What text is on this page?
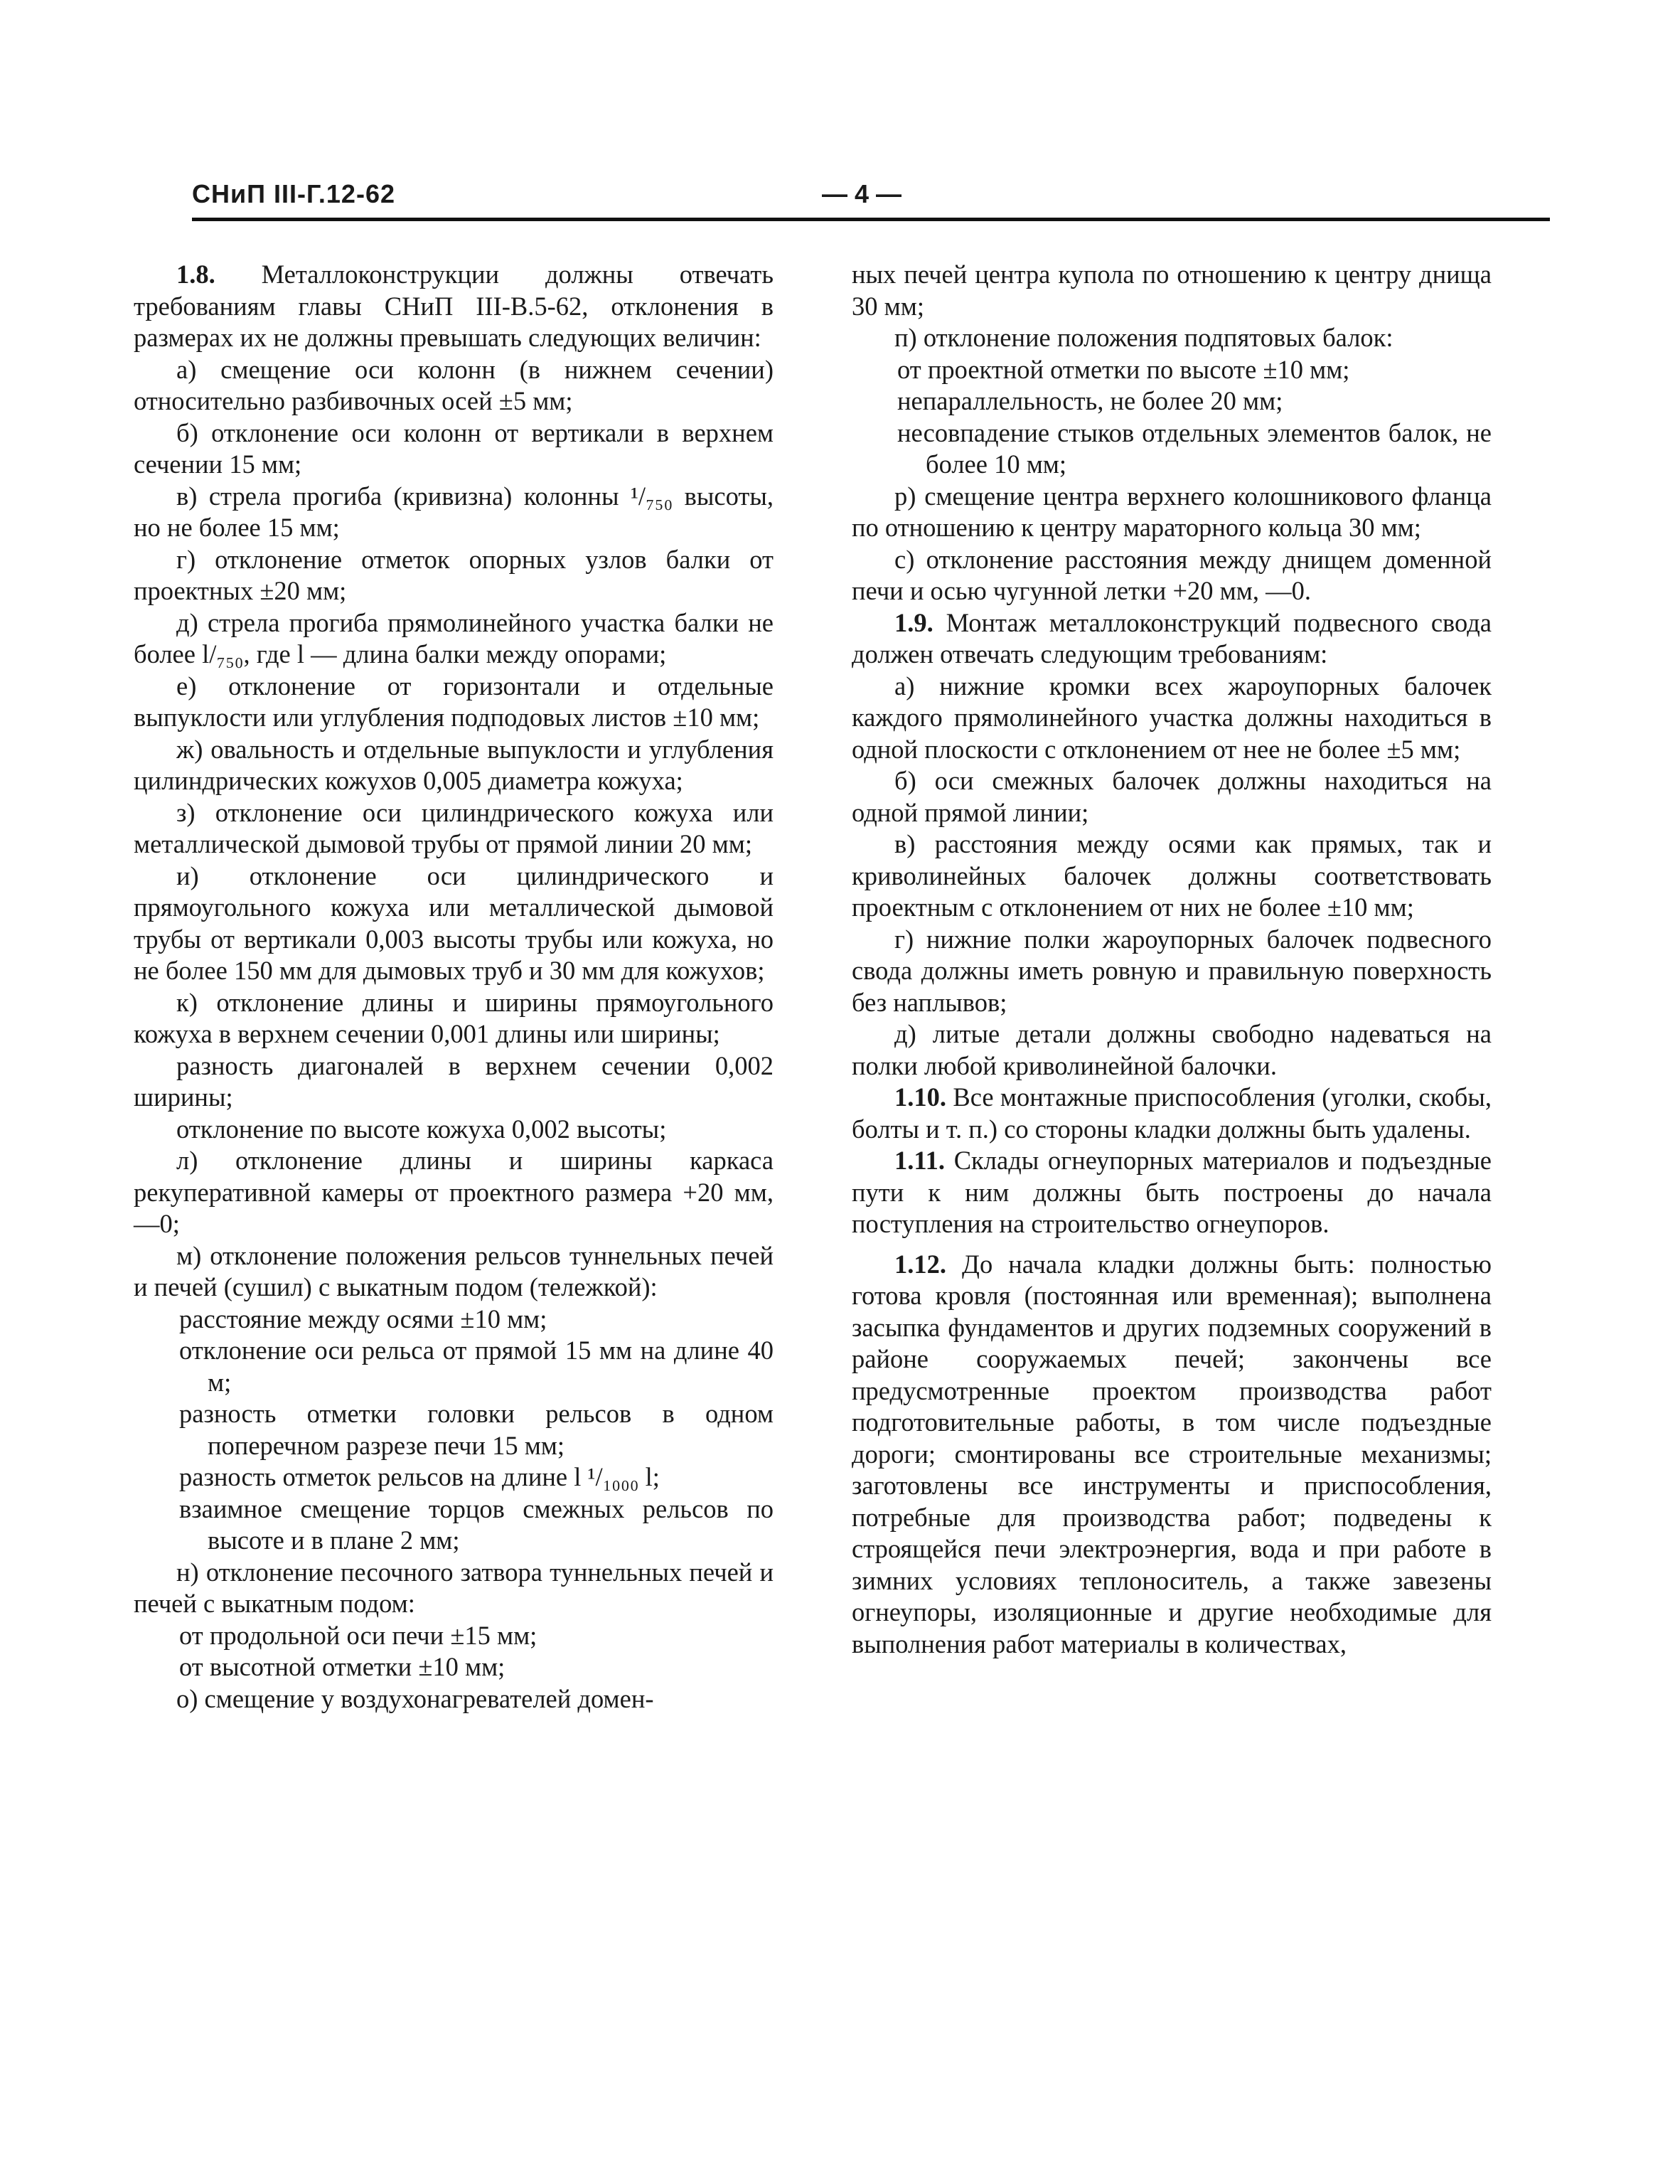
СНиП III-Г.12-62	— 4 —

1.8. Металлоконструкции должны отвечать требованиям главы СНиП III-В.5-62, отклонения в размерах их не должны превышать следующих величин:

а) смещение оси колонн (в нижнем сечении) относительно разбивочных осей ±5 мм;

б) отклонение оси колонн от вертикали в верхнем сечении 15 мм;

в) стрела прогиба (кривизна) колонны ¹/₇₅₀ высоты, но не более 15 мм;

г) отклонение отметок опорных узлов балки от проектных ±20 мм;

д) стрела прогиба прямолинейного участка балки не более l/₇₅₀, где l — длина балки между опорами;

е) отклонение от горизонтали и отдельные выпуклости или углубления подподовых листов ±10 мм;

ж) овальность и отдельные выпуклости и углубления цилиндрических кожухов 0,005 диаметра кожуха;

з) отклонение оси цилиндрического кожуха или металлической дымовой трубы от прямой линии 20 мм;

и) отклонение оси цилиндрического и прямоугольного кожуха или металлической дымовой трубы от вертикали 0,003 высоты трубы или кожуха, но не более 150 мм для дымовых труб и 30 мм для кожухов;

к) отклонение длины и ширины прямоугольного кожуха в верхнем сечении 0,001 длины или ширины;

разность диагоналей в верхнем сечении 0,002 ширины;

отклонение по высоте кожуха 0,002 высоты;

л) отклонение длины и ширины каркаса рекуперативной камеры от проектного размера +20 мм, —0;

м) отклонение положения рельсов туннельных печей и печей (сушил) с выкатным подом (тележкой):

расстояние между осями ±10 мм;

отклонение оси рельса от прямой 15 мм на длине 40 м;

разность отметки головки рельсов в одном поперечном разрезе печи 15 мм;

разность отметок рельсов на длине l ¹/₁₀₀₀ l;

взаимное смещение торцов смежных рельсов по высоте и в плане 2 мм;

н) отклонение песочного затвора туннельных печей и печей с выкатным подом:

от продольной оси печи ±15 мм;

от высотной отметки ±10 мм;

о) смещение у воздухонагревателей домен-

ных печей центра купола по отношению к центру днища 30 мм;

п) отклонение положения подпятовых балок:

от проектной отметки по высоте ±10 мм;

непараллельность, не более 20 мм;

несовпадение стыков отдельных элементов балок, не более 10 мм;

р) смещение центра верхнего колошникового фланца по отношению к центру мараторного кольца 30 мм;

с) отклонение расстояния между днищем доменной печи и осью чугунной летки +20 мм, —0.

1.9. Монтаж металлоконструкций подвесного свода должен отвечать следующим требованиям:

а) нижние кромки всех жароупорных балочек каждого прямолинейного участка должны находиться в одной плоскости с отклонением от нее не более ±5 мм;

б) оси смежных балочек должны находиться на одной прямой линии;

в) расстояния между осями как прямых, так и криволинейных балочек должны соответствовать проектным с отклонением от них не более ±10 мм;

г) нижние полки жароупорных балочек подвесного свода должны иметь ровную и правильную поверхность без наплывов;

д) литые детали должны свободно надеваться на полки любой криволинейной балочки.

1.10. Все монтажные приспособления (уголки, скобы, болты и т. п.) со стороны кладки должны быть удалены.

1.11. Склады огнеупорных материалов и подъездные пути к ним должны быть построены до начала поступления на строительство огнеупоров.

1.12. До начала кладки должны быть: полностью готова кровля (постоянная или временная); выполнена засыпка фундаментов и других подземных сооружений в районе сооружаемых печей; закончены все предусмотренные проектом производства работ подготовительные работы, в том числе подъездные дороги; смонтированы все строительные механизмы; заготовлены все инструменты и приспособления, потребные для производства работ; подведены к строящейся печи электроэнергия, вода и при работе в зимних условиях теплоноситель, а также завезены огнеупоры, изоляционные и другие необходимые для выполнения работ материалы в количествах,
